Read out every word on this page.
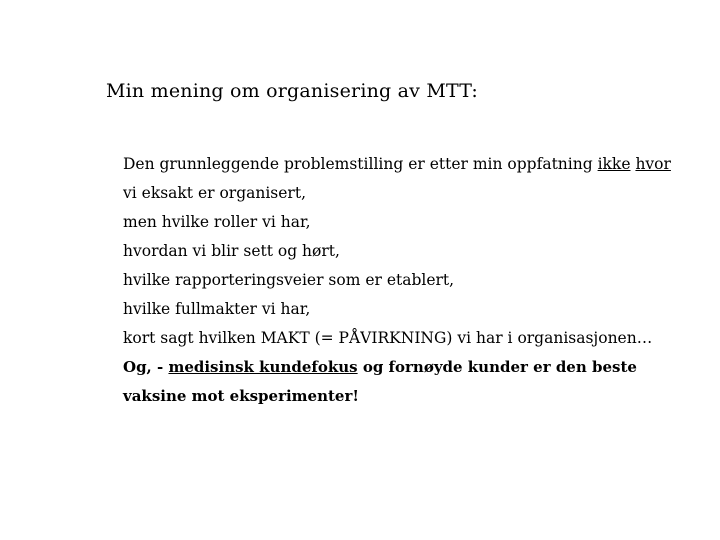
Min mening om organisering av MTT:

Den grunnleggende problemstilling er etter min oppfatning ikke hvor vi eksakt er organisert,

men hvilke roller vi har,

hvordan vi blir sett og hørt,

hvilke rapporteringsveier som er etablert,

hvilke fullmakter vi har,

kort sagt hvilken MAKT (= PÅVIRKNING) vi har i organisasjonen…

Og, - medisinsk kundefokus og fornøyde kunder er den beste vaksine mot eksperimenter!
